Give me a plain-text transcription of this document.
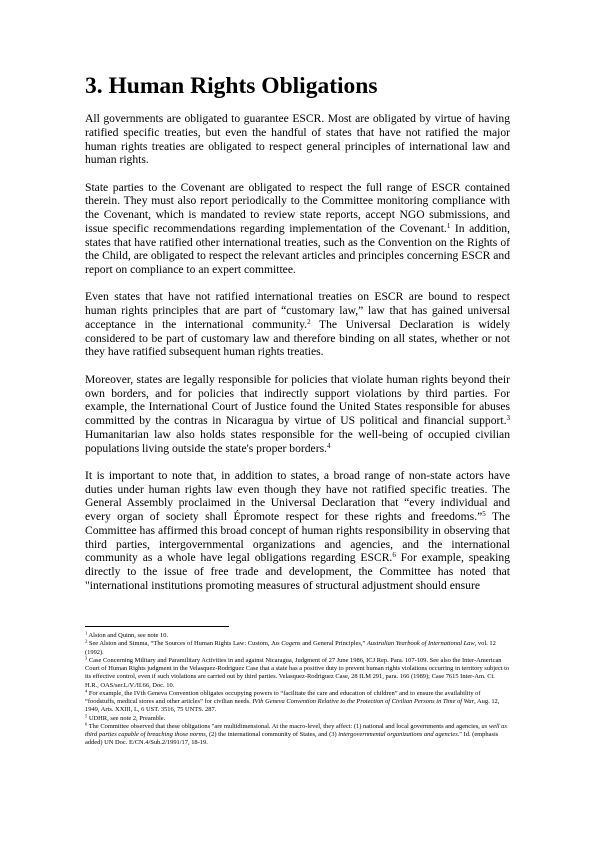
3. Human Rights Obligations

All governments are obligated to guarantee ESCR. Most are obligated by virtue of having ratified specific treaties, but even the handful of states that have not ratified the major human rights treaties are obligated to respect general principles of international law and human rights.

State parties to the Covenant are obligated to respect the full range of ESCR contained therein. They must also report periodically to the Committee monitoring compliance with the Covenant, which is mandated to review state reports, accept NGO submissions, and issue specific recommendations regarding implementation of the Covenant.$^1$ In addition, states that have ratified other international treaties, such as the Convention on the Rights of the Child, are obligated to respect the relevant articles and principles concerning ESCR and report on compliance to an expert committee.

Even states that have not ratified international treaties on ESCR are bound to respect human rights principles that are part of “customary law,” law that has gained universal acceptance in the international community.$^2$ The Universal Declaration is widely considered to be part of customary law and therefore binding on all states, whether or not they have ratified subsequent human rights treaties.

Moreover, states are legally responsible for policies that violate human rights beyond their own borders, and for policies that indirectly support violations by third parties. For example, the International Court of Justice found the United States responsible for abuses committed by the contras in Nicaragua by virtue of US political and financial support.$^3$ Humanitarian law also holds states responsible for the well-being of occupied civilian populations living outside the state's proper borders.$^4$

It is important to note that, in addition to states, a broad range of non-state actors have duties under human rights law even though they have not ratified specific treaties. The General Assembly proclaimed in the Universal Declaration that “every individual and every organ of society shall Épromote respect for these rights and freedoms.”$^5$ The Committee has affirmed this broad concept of human rights responsibility in observing that third parties, intergovernmental organizations and agencies, and the international community as a whole have legal obligations regarding ESCR.$^6$ For example, speaking directly to the issue of free trade and development, the Committee has noted that "international institutions promoting measures of structural adjustment should ensure

$^1$ Alston and Quinn, see note 10.

$^2$ See Alston and Simma, “The Sources of Human Rights Law: Custom, Jus Cogens and General Principles,” Australian Yearbook of International Law, vol. 12 (1992).

$^3$ Case Concerning Military and Paramilitary Activities in and against Nicaragua, Judgment of 27 June 1986, ICJ Rep. Para. 107-109. See also the Inter-American Court of Human Rights judgment in the Velasquez-Rodriguez Case that a state has a positive duty to prevent human rights violations occurring in territory subject to its effective control, even if such violations are carried out by third parties. Velasquez-Rodriguez Case, 28 ILM 291, para. 166 (1989); Case 7615 Inter-Am. Ct. H.R., OAS/ser.L/V./II.66, Doc. 10.

$^4$ For example, the IVth Geneva Convention obligates occupying powers to “facilitate the care and education of children” and to ensure the availability of “foodstuffs, medical stores and other articles” for civilian needs. IVth Geneva Convention Relative to the Protection of Civilian Persons in Time of War, Aug. 12, 1949, Arts. XXIII, L, 6 UST. 3516, 75 UNTS. 287.

$^5$ UDHR, see note 2, Preamble.

$^6$ The Committee observed that these obligations "are multidimensional. At the macro-level, they affect: (1) national and local governments and agencies, as well as third parties capable of breaching those norms, (2) the international community of States, and (3) intergovernmental organizations and agencies." Id. (emphasis added) UN Doc. E/CN.4/Sub.2/1991/17, 18-19.
